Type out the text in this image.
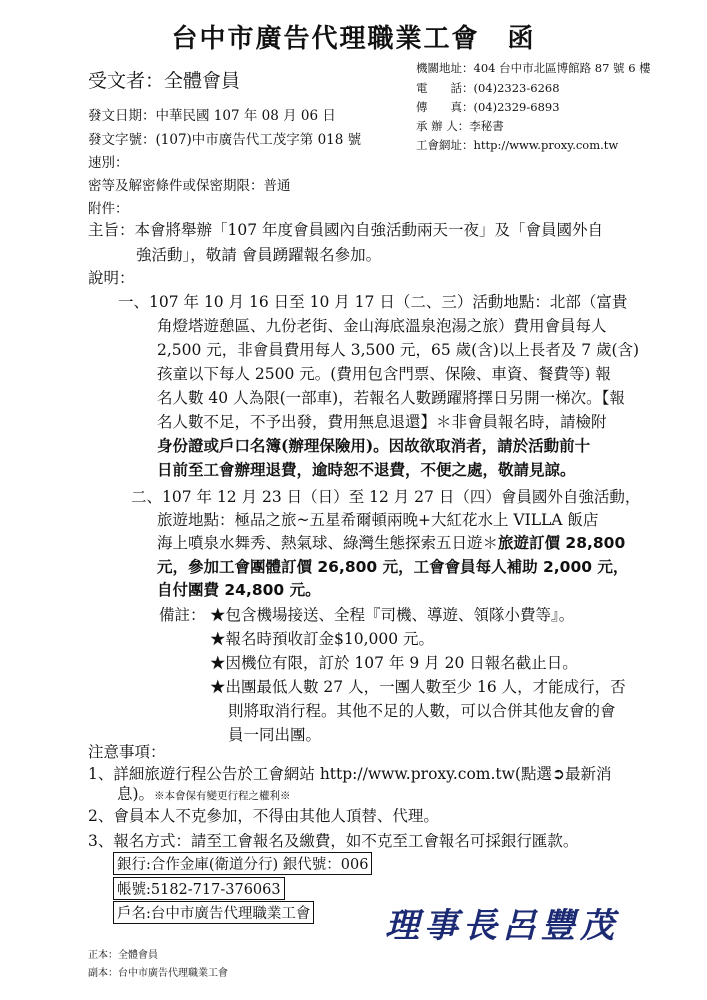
台中市廣告代理職業工會　函
受文者：全體會員
發文日期：中華民國 107 年 08 月 06 日
發文字號：(107)中市廣告代工茂字第 018 號
速別：
密等及解密條件或保密期限：普通
附件：
機關地址：404 台中市北區博館路 87 號 6 樓
電　　話：(04)2323-6268
傳　　真：(04)2329-6893
承 辦 人：李秘書
工會網址：http://www.proxy.com.tw
主旨：本會將舉辦「107 年度會員國內自強活動兩天一夜」及「會員國外自
強活動」，敬請 會員踴躍報名參加。
說明：
一、107 年 10 月 16 日至 10 月 17 日（二、三）活動地點：北部（富貴
角燈塔遊憩區、九份老街、金山海底溫泉泡湯之旅）費用會員每人
2,500 元，非會員費用每人 3,500 元，65 歲(含)以上長者及 7 歲(含)
孩童以下每人 2500 元。(費用包含門票、保險、車資、餐費等) 報
名人數 40 人為限(一部車)，若報名人數踴躍將擇日另開一梯次。【報
名人數不足，不予出發，費用無息退還】＊非會員報名時，請檢附
身份證或戶口名簿(辦理保險用)。因故欲取消者，請於活動前十
日前至工會辦理退費，逾時恕不退費，不便之處，敬請見諒。
二、107 年 12 月 23 日（日）至 12 月 27 日（四）會員國外自強活動，
旅遊地點：極品之旅~五星希爾頓兩晚+大紅花水上 VILLA 飯店
海上噴泉水舞秀、熱氣球、綠灣生態探索五日遊＊旅遊訂價 28,800
元，參加工會團體訂價 26,800 元，工會會員每人補助 2,000 元，
自付團費 24,800 元。
備註： ★包含機場接送、全程『司機、導遊、領隊小費等』。
★報名時預收訂金$10,000 元。
★因機位有限，訂於 107 年 9 月 20 日報名截止日。
★出團最低人數 27 人，一團人數至少 16 人，才能成行，否
則將取消行程。其他不足的人數，可以合併其他友會的會
員一同出團。
注意事項：
1、詳細旅遊行程公告於工會網站 http://www.proxy.com.tw(點選➲最新消
息)。※本會保有變更行程之權利※
2、會員本人不克參加，不得由其他人頂替、代理。
3、報名方式：請至工會報名及繳費，如不克至工會報名可採銀行匯款。
銀行:合作金庫(衛道分行) 銀代號：006
帳號:5182-717-376063
戶名:台中市廣告代理職業工會 理事長呂豐茂
正本：全體會員
副本：台中市廣告代理職業工會
